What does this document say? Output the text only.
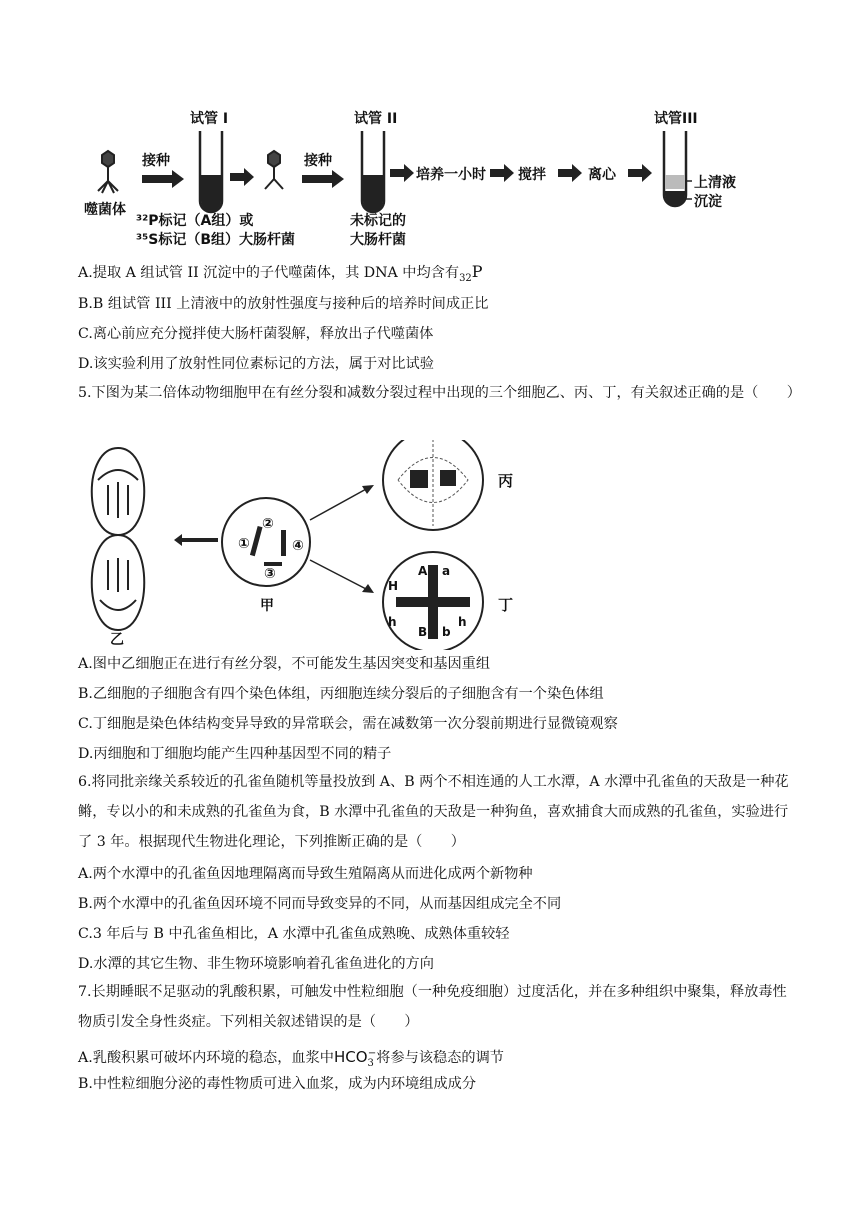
噬菌体
接种
试管 I
接种
试管 II
培养一小时 搅拌	离心
试管III
上清液
沉淀
³²P标记（A组）或
³⁵S标记（B组）大肠杆菌
未标记的
大肠杆菌
A.提取 A 组试管 II 沉淀中的子代噬菌体，其 DNA 中均含有$_{32}$P
B.B 组试管 III 上清液中的放射性强度与接种后的培养时间成正比
C.离心前应充分搅拌使大肠杆菌裂解，释放出子代噬菌体
D.该实验利用了放射性同位素标记的方法，属于对比试验
5.下图为某二倍体动物细胞甲在有丝分裂和减数分裂过程中出现的三个细胞乙、丙、丁，有关叙述正确的是（　　）
乙
①
②
③
④
甲
丙
A a
H
h
B b
h
丁
A.图中乙细胞正在进行有丝分裂，不可能发生基因突变和基因重组
B.乙细胞的子细胞含有四个染色体组，丙细胞连续分裂后的子细胞含有一个染色体组
C.丁细胞是染色体结构变异导致的异常联会，需在减数第一次分裂前期进行显微镜观察
D.丙细胞和丁细胞均能产生四种基因型不同的精子
6.将同批亲缘关系较近的孔雀鱼随机等量投放到 A、B 两个不相连通的人工水潭，A 水潭中孔雀鱼的天敌是一种花鳉，专以小的和未成熟的孔雀鱼为食，B 水潭中孔雀鱼的天敌是一种狗鱼，喜欢捕食大而成熟的孔雀鱼，实验进行了 3 年。根据现代生物进化理论，下列推断正确的是（　　）
A.两个水潭中的孔雀鱼因地理隔离而导致生殖隔离从而进化成两个新物种
B.两个水潭中的孔雀鱼因环境不同而导致变异的不同，从而基因组成完全不同
C.3 年后与 B 中孔雀鱼相比，A 水潭中孔雀鱼成熟晚、成熟体重较轻
D.水潭的其它生物、非生物环境影响着孔雀鱼进化的方向
7.长期睡眠不足驱动的乳酸积累，可触发中性粒细胞（一种免疫细胞）过度活化，并在多种组织中聚集，释放毒性物质引发全身性炎症。下列相关叙述错误的是（　　）
A.乳酸积累可破坏内环境的稳态，血浆中$HCO_3^-$将参与该稳态的调节
B.中性粒细胞分泌的毒性物质可进入血浆，成为内环境组成成分
